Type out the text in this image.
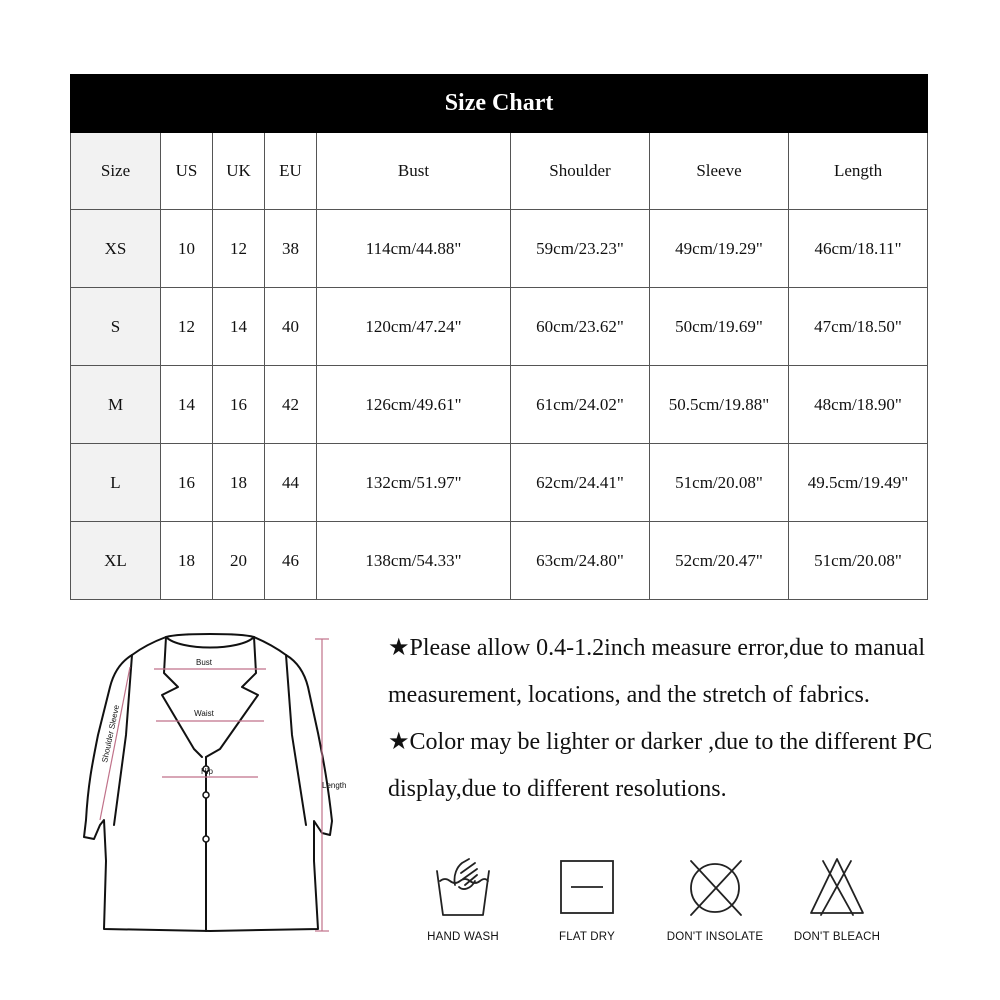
Size Chart							
Size	US	UK	EU	Bust	Shoulder	Sleeve	Length
XS	10	12	38	114cm/44.88"	59cm/23.23"	49cm/19.29"	46cm/18.11"
S	12	14	40	120cm/47.24"	60cm/23.62"	50cm/19.69"	47cm/18.50"
M	14	16	42	126cm/49.61"	61cm/24.02"	50.5cm/19.88"	48cm/18.90"
L	16	18	44	132cm/51.97"	62cm/24.41"	51cm/20.08"	49.5cm/19.49"
XL	18	20	46	138cm/54.33"	63cm/24.80"	52cm/20.47"	51cm/20.08"
Bust
Waist
Hip
Shoulder Sleeve
Length

★Please allow 0.4-1.2inch measure error,due to manual measurement, locations, and the stretch of fabrics.

★Color may be lighter or darker ,due to the different PC display,due to different resolutions.

HAND WASH	FLAT DRY	DON'T INSOLATE	DON'T BLEACH
